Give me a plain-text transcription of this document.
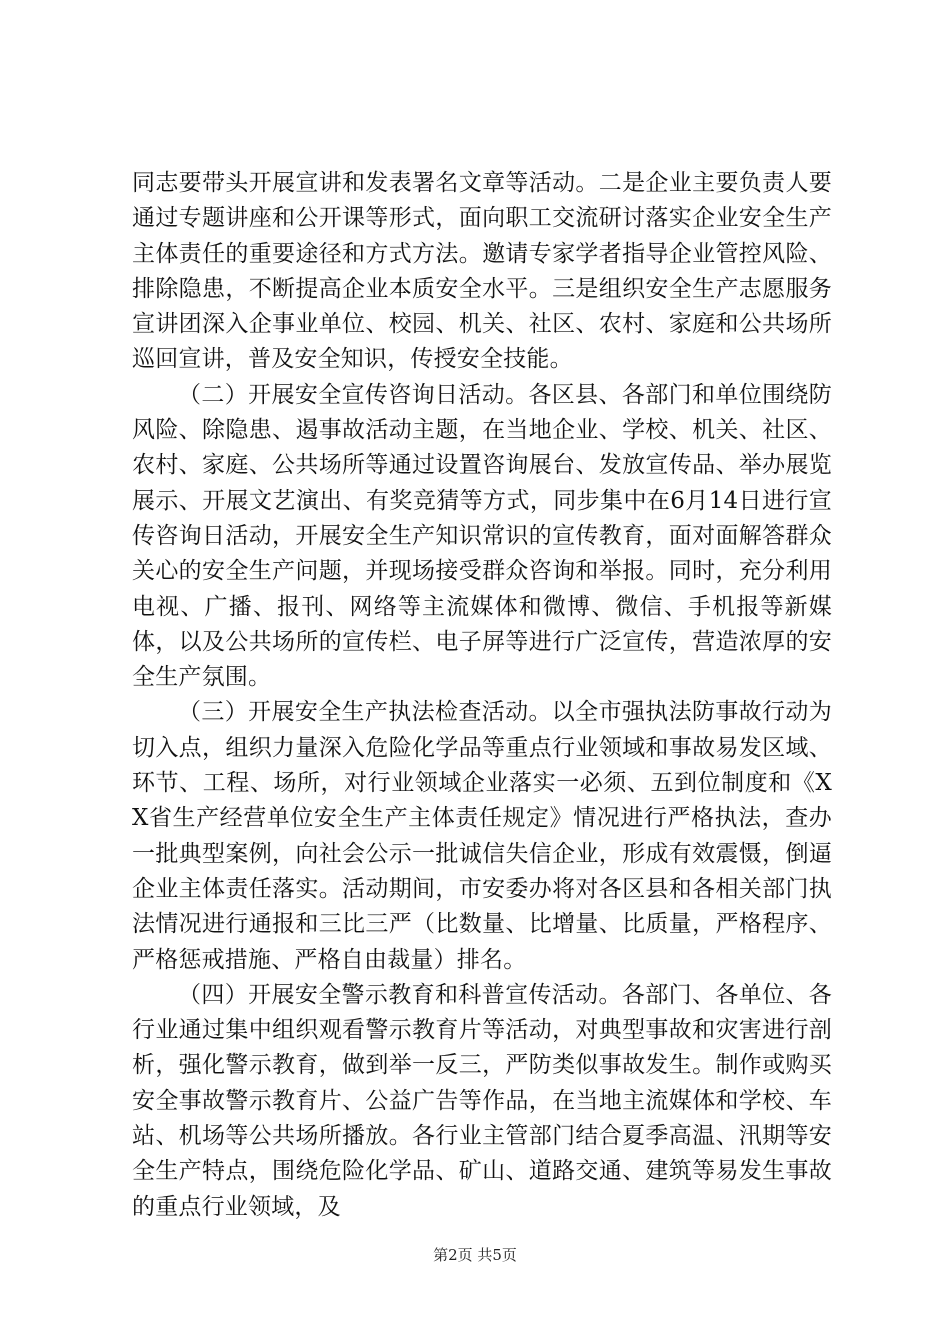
同志要带头开展宣讲和发表署名文章等活动。二是企业主要负责人要通过专题讲座和公开课等形式，面向职工交流研讨落实企业安全生产主体责任的重要途径和方式方法。邀请专家学者指导企业管控风险、排除隐患，不断提高企业本质安全水平。三是组织安全生产志愿服务宣讲团深入企事业单位、校园、机关、社区、农村、家庭和公共场所巡回宣讲，普及安全知识，传授安全技能。

（二）开展安全宣传咨询日活动。各区县、各部门和单位围绕防风险、除隐患、遏事故活动主题，在当地企业、学校、机关、社区、农村、家庭、公共场所等通过设置咨询展台、发放宣传品、举办展览展示、开展文艺演出、有奖竞猜等方式，同步集中在6月14日进行宣传咨询日活动，开展安全生产知识常识的宣传教育，面对面解答群众关心的安全生产问题，并现场接受群众咨询和举报。同时，充分利用电视、广播、报刊、网络等主流媒体和微博、微信、手机报等新媒体，以及公共场所的宣传栏、电子屏等进行广泛宣传，营造浓厚的安全生产氛围。

（三）开展安全生产执法检查活动。以全市强执法防事故行动为切入点，组织力量深入危险化学品等重点行业领域和事故易发区域、环节、工程、场所，对行业领域企业落实一必须、五到位制度和《XX省生产经营单位安全生产主体责任规定》情况进行严格执法，查办一批典型案例，向社会公示一批诚信失信企业，形成有效震慑，倒逼企业主体责任落实。活动期间，市安委办将对各区县和各相关部门执法情况进行通报和三比三严（比数量、比增量、比质量，严格程序、严格惩戒措施、严格自由裁量）排名。

（四）开展安全警示教育和科普宣传活动。各部门、各单位、各行业通过集中组织观看警示教育片等活动，对典型事故和灾害进行剖析，强化警示教育，做到举一反三，严防类似事故发生。制作或购买安全事故警示教育片、公益广告等作品，在当地主流媒体和学校、车站、机场等公共场所播放。各行业主管部门结合夏季高温、汛期等安全生产特点，围绕危险化学品、矿山、道路交通、建筑等易发生事故的重点行业领域，及

第2页 共5页
